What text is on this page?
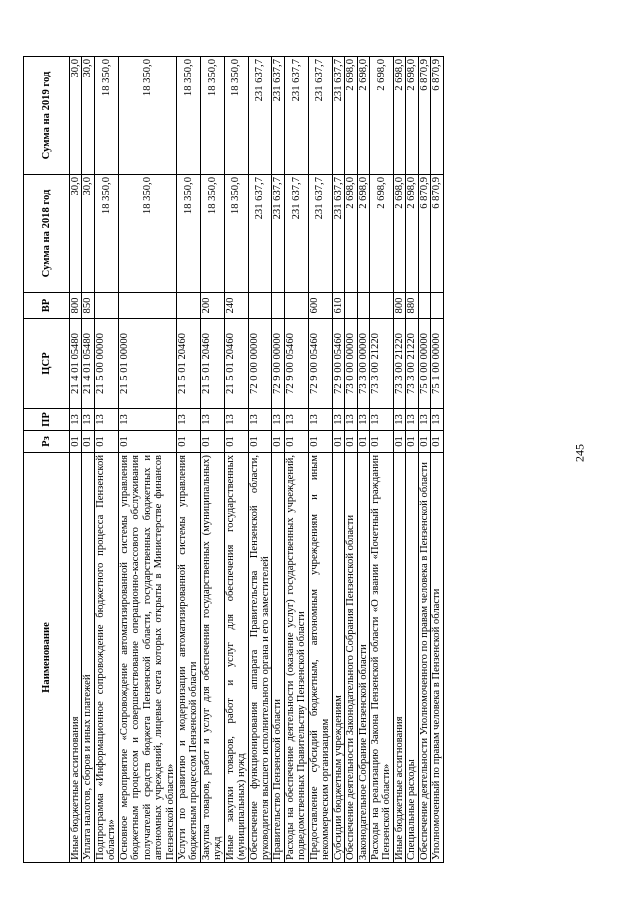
245
Наименование	Рз	ПР	ЦСР	ВР	Сумма на 2018 год	Сумма на 2019 год
Иные бюджетные ассигнования	01	13	21 4 01 05480	800	30,0	30,0
Уплата налогов, сборов и иных платежей	01	13	21 4 01 05480	850	30,0	30,0
Подпрограмма «Информационное сопровождение бюджетного процесса Пензенской области»	01	13	21 5 00 00000		18 350,0	18 350,0
Основное мероприятие «Сопровождение автоматизированной системы управления бюджетным процессом и совершенствование операционно-кассового обслуживания получателей средств бюджета Пензенской области, государственных бюджетных и автономных учреждений, лицевые счета которых открыты в Министерстве финансов Пензенской области»	01	13	21 5 01 00000		18 350,0	18 350,0
Услуги по развитию и модернизации автоматизированной системы управления бюджетным процессом Пензенской области	01	13	21 5 01 20460		18 350,0	18 350,0
Закупка товаров, работ и услуг для обеспечения государственных (муниципальных) нужд	01	13	21 5 01 20460	200	18 350,0	18 350,0
Иные закупки товаров, работ и услуг для обеспечения государственных (муниципальных) нужд	01	13	21 5 01 20460	240	18 350,0	18 350,0
Обеспечение функционирования аппарата Правительства Пензенской области, руководителя высшего исполнительного органа и его заместителей	01	13	72 0 00 00000		231 637,7	231 637,7
Правительство Пензенской области	01	13	72 9 00 00000		231 637,7	231 637,7
Расходы на обеспечение деятельности (оказание услуг) государственных учреждений, подведомственных Правительству Пензенской области	01	13	72 9 00 05460		231 637,7	231 637,7
Предоставление субсидий бюджетным, автономным учреждениям и иным некоммерческим организациям	01	13	72 9 00 05460	600	231 637,7	231 637,7
Субсидии бюджетным учреждениям	01	13	72 9 00 05460	610	231 637,7	231 637,7
Обеспечение деятельности Законодательного Собрания Пензенской области	01	13	73 0 00 00000		2 698,0	2 698,0
Законодательное Собрание Пензенской области	01	13	73 3 00 00000		2 698,0	2 698,0
Расходы на реализацию Закона Пензенской области «О звании «Почетный гражданин Пензенской области»	01	13	73 3 00 21220		2 698,0	2 698,0
Иные бюджетные ассигнования	01	13	73 3 00 21220	800	2 698,0	2 698,0
Специальные расходы	01	13	73 3 00 21220	880	2 698,0	2 698,0
Обеспечение деятельности Уполномоченного по правам человека в Пензенской области	01	13	75 0 00 00000		6 870,9	6 870,9
Уполномоченный по правам человека в Пензенской области	01	13	75 1 00 00000		6 870,9	6 870,9
